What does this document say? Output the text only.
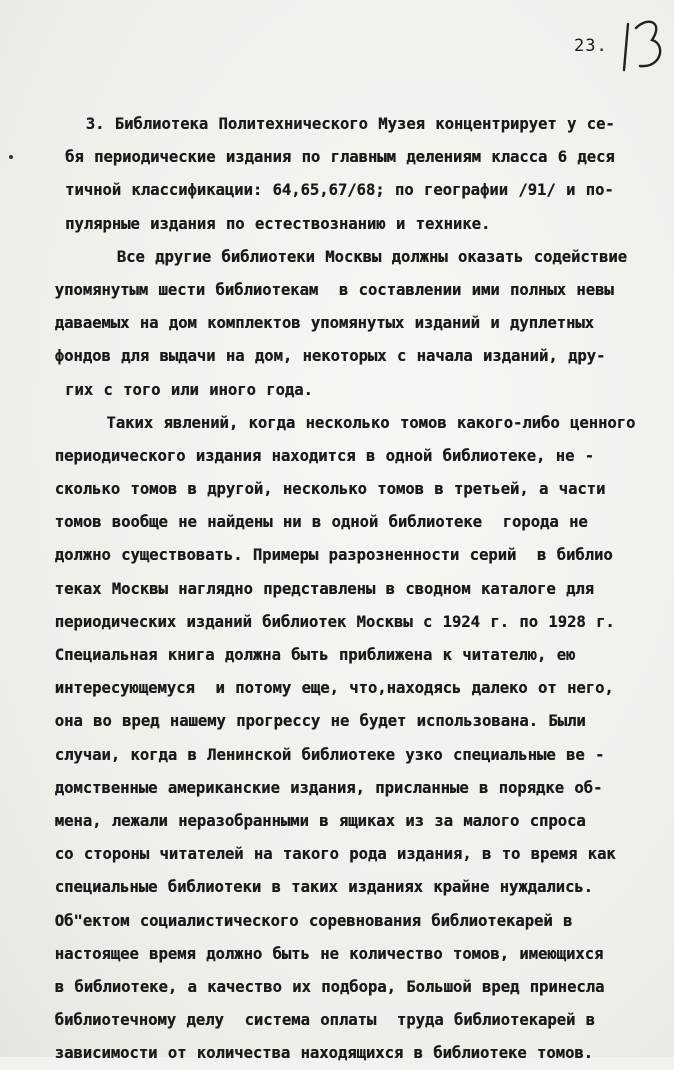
23.
3. Библиотека Политехнического Музея концентрирует у се-
бя периодические издания по главным делениям класса 6 деся
тичной классификации: 64,65,67/68; по географии /91/ и по-
пулярные издания по естествознанию и технике.
Все другие библиотеки Москвы должны оказать содействие
упомянутым шести библиотекам  в составлении ими полных невы
даваемых на дом комплектов упомянутых изданий и дуплетных
фондов для выдачи на дом, некоторых с начала изданий, дру-
гих с того или иного года.
Таких явлений, когда несколько томов какого-либо ценного
периодического издания находится в одной библиотеке, не -
сколько томов в другой, несколько томов в третьей, а части
томов вообще не найдены ни в одной библиотеке  города не
должно существовать. Примеры разрозненности серий  в библио
теках Москвы наглядно представлены в сводном каталоге для
периодических изданий библиотек Москвы с 1924 г. по 1928 г.
Специальная книга должна быть приближена к читателю, ею
интересующемуся  и потому еще, что,находясь далеко от него,
она во вред нашему прогрессу не будет использована. Были
случаи, когда в Ленинской библиотеке узко специальные ве -
домственные американские издания, присланные в порядке об-
мена, лежали неразобранными в ящиках из за малого спроса
со стороны читателей на такого рода издания, в то время как
специальные библиотеки в таких изданиях крайне нуждались.
Об"ектом социалистического соревнования библиотекарей в
настоящее время должно быть не количество томов, имеющихся
в библиотеке, а качество их подбора, Большой вред принесла
библиотечному делу  система оплаты  труда библиотекарей в
зависимости от количества находящихся в библиотеке томов.
